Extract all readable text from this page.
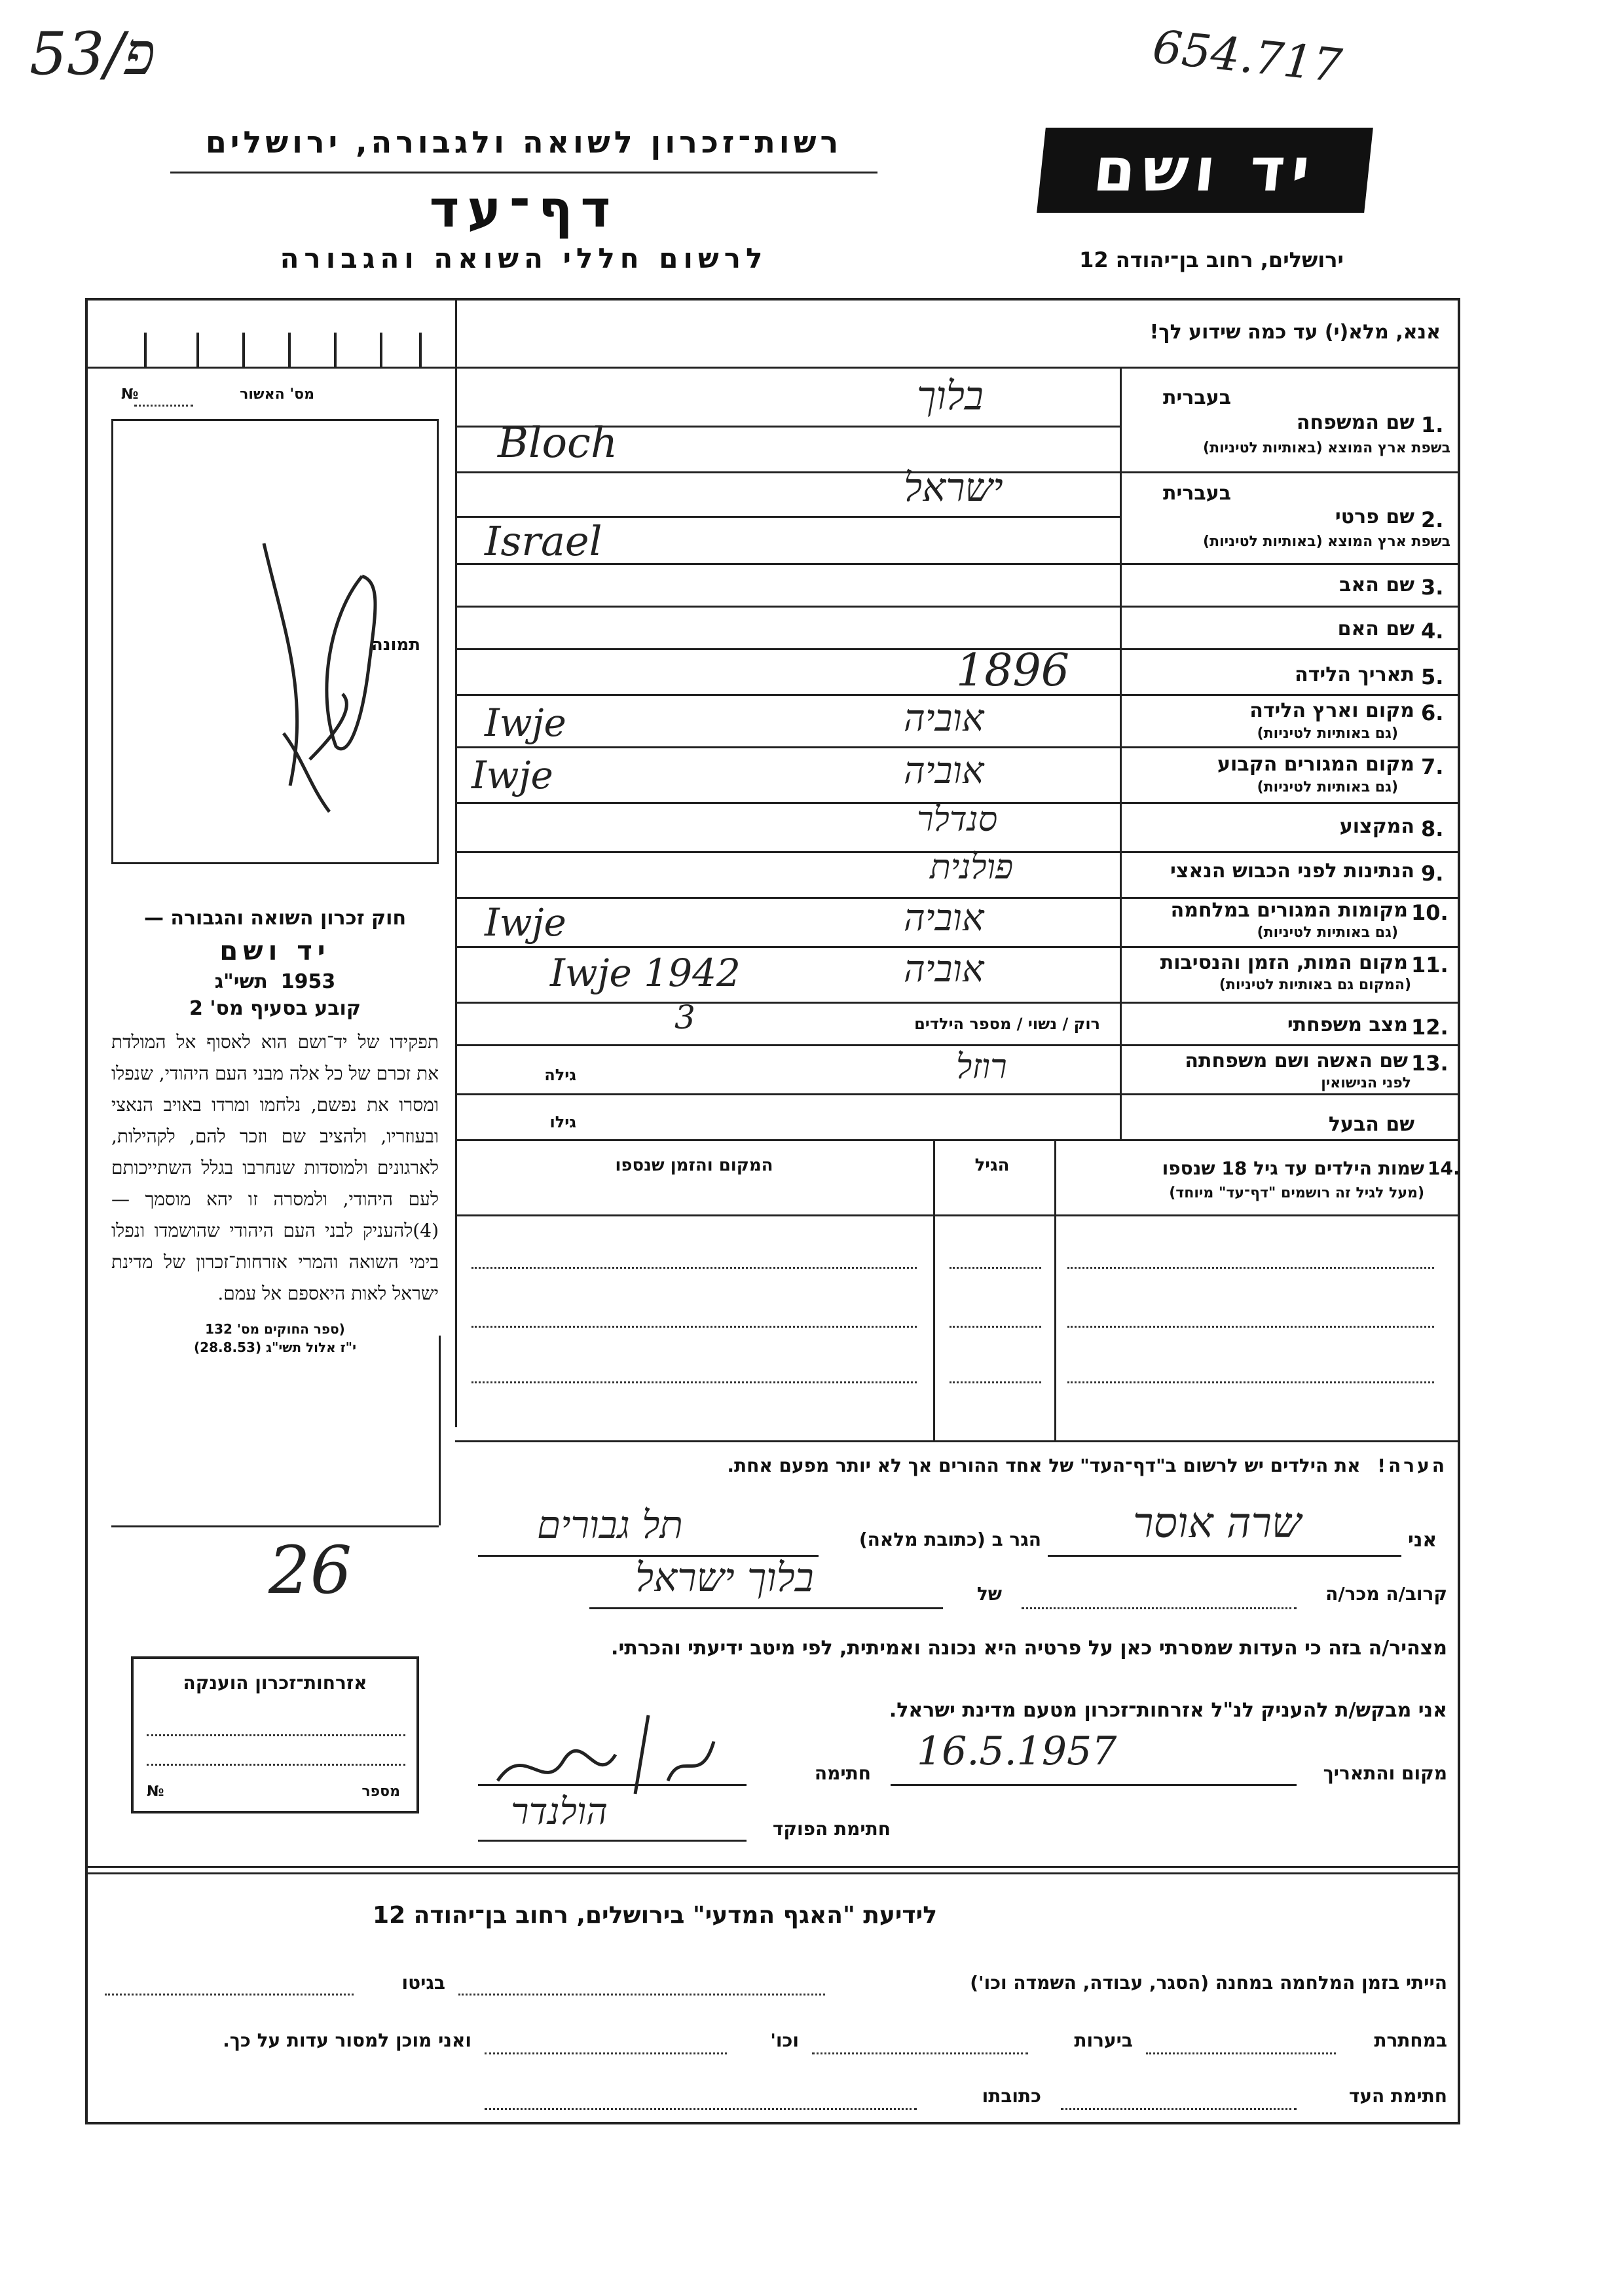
53/פ	654.717
רשות־זכרון לשואה ולגבורה, ירושלים
דף־עד
לרשום חללי השואה והגבורה
יד ושם
ירושלים, רחוב בן־יהודה 12
מס' האשור
№
תמונה
חוק זכרון השואה והגבורה —
יד ושם
תשי"ג 1953
קובע בסעיף מס' 2
תפקידו של יד־ושם הוא לאסוף אל המולדת את זכרם של כל אלה מבני העם היהודי, שנפלו ומסרו את נפשם, נלחמו ומרדו באויב הנאצי ובעוזריו, ולהציב שם וזכר להם, לקהילות, לארגונים ולמוסדות שנחרבו בגלל השתייכותם לעם היהודי, ולמסרה זו יהא מוסמך — (4)להעניק לבני העם היהודי שהושמדו ונפלו בימי השואה והמרי אזרחות־זכרון של מדינת ישראל לאות היאספם אל עמם.
(ספר החוקים מס' 132
י"ז אלול תשי"ג (28.8.53)
אנא, מלא(י) עד כמה שידוע לך!
בעברית
1.
שם המשפחה
בשפת ארץ המוצא (באותיות לטיניות)
בלוך
Bloch
בעברית
2.
שם פרטי
בשפת ארץ המוצא (באותיות לטיניות)
ישראל
Israel
3.
שם האב
4.
שם האם
5.
תאריך הלידה
1896
6.
מקום וארץ הלידה
(גם באותיות לטיניות)
אוביה
Iwje
7.
מקום המגורים הקבוע
(גם באותיות לטיניות)
אוביה
Iwje
8.
המקצוע
סנדלר
9.
הנתינות לפני הכבוש הנאצי
פולנית
10.
מקומות המגורים במלחמה
(גם באותיות לטיניות)
אוביה
Iwje
11.
מקום המות, הזמן והנסיבות
(המקום גם באותיות לטיניות)
אוביה
Iwje 1942
12.
מצב משפחתי
רוק / נשוי / מספר הילדים
3
13.
שם האשה ושם משפחתה
לפני הנישואין
גילה	רוזל
שם הבעל
גילו
14.
שמות הילדים עד גיל 18 שנספו
(מעל לגיל זה רושמים "דף־עד" מיוחד)
הגיל
המקום והזמן שנספו
הערה! את הילדים יש לרשום ב"דף־העד" של אחד ההורים אך לא יותר מפעם אחת.
אני
שרה אוסר
הגר ב (כתובת מלאה)
תל גבורים
קרוב/ה מכר/ה
של
בלוך ישראל
מצהיר/ה בזה כי העדות שמסרתי כאן על פרטיה היא נכונה ואמיתית, לפי מיטב ידיעתי והכרתי.
אני מבקש/ת להעניק לנ"ל אזרחות־זכרון מטעם מדינת ישראל.
מקום והתאריך
16.5.1957
חתימה
חתימת הפוקד
הולנדר
26
אזרחות־זכרון הוענקה
מספר
№
לידיעת "האגף המדעי" בירושלים, רחוב בן־יהודה 12
הייתי בזמן המלחמה במחנה (הסגר, עבודה, השמדה וכו')
בגיטו
במחתרת
ביערות
וכו'
ואני מוכן למסור עדות על כך.
חתימת העד
כתובתו
